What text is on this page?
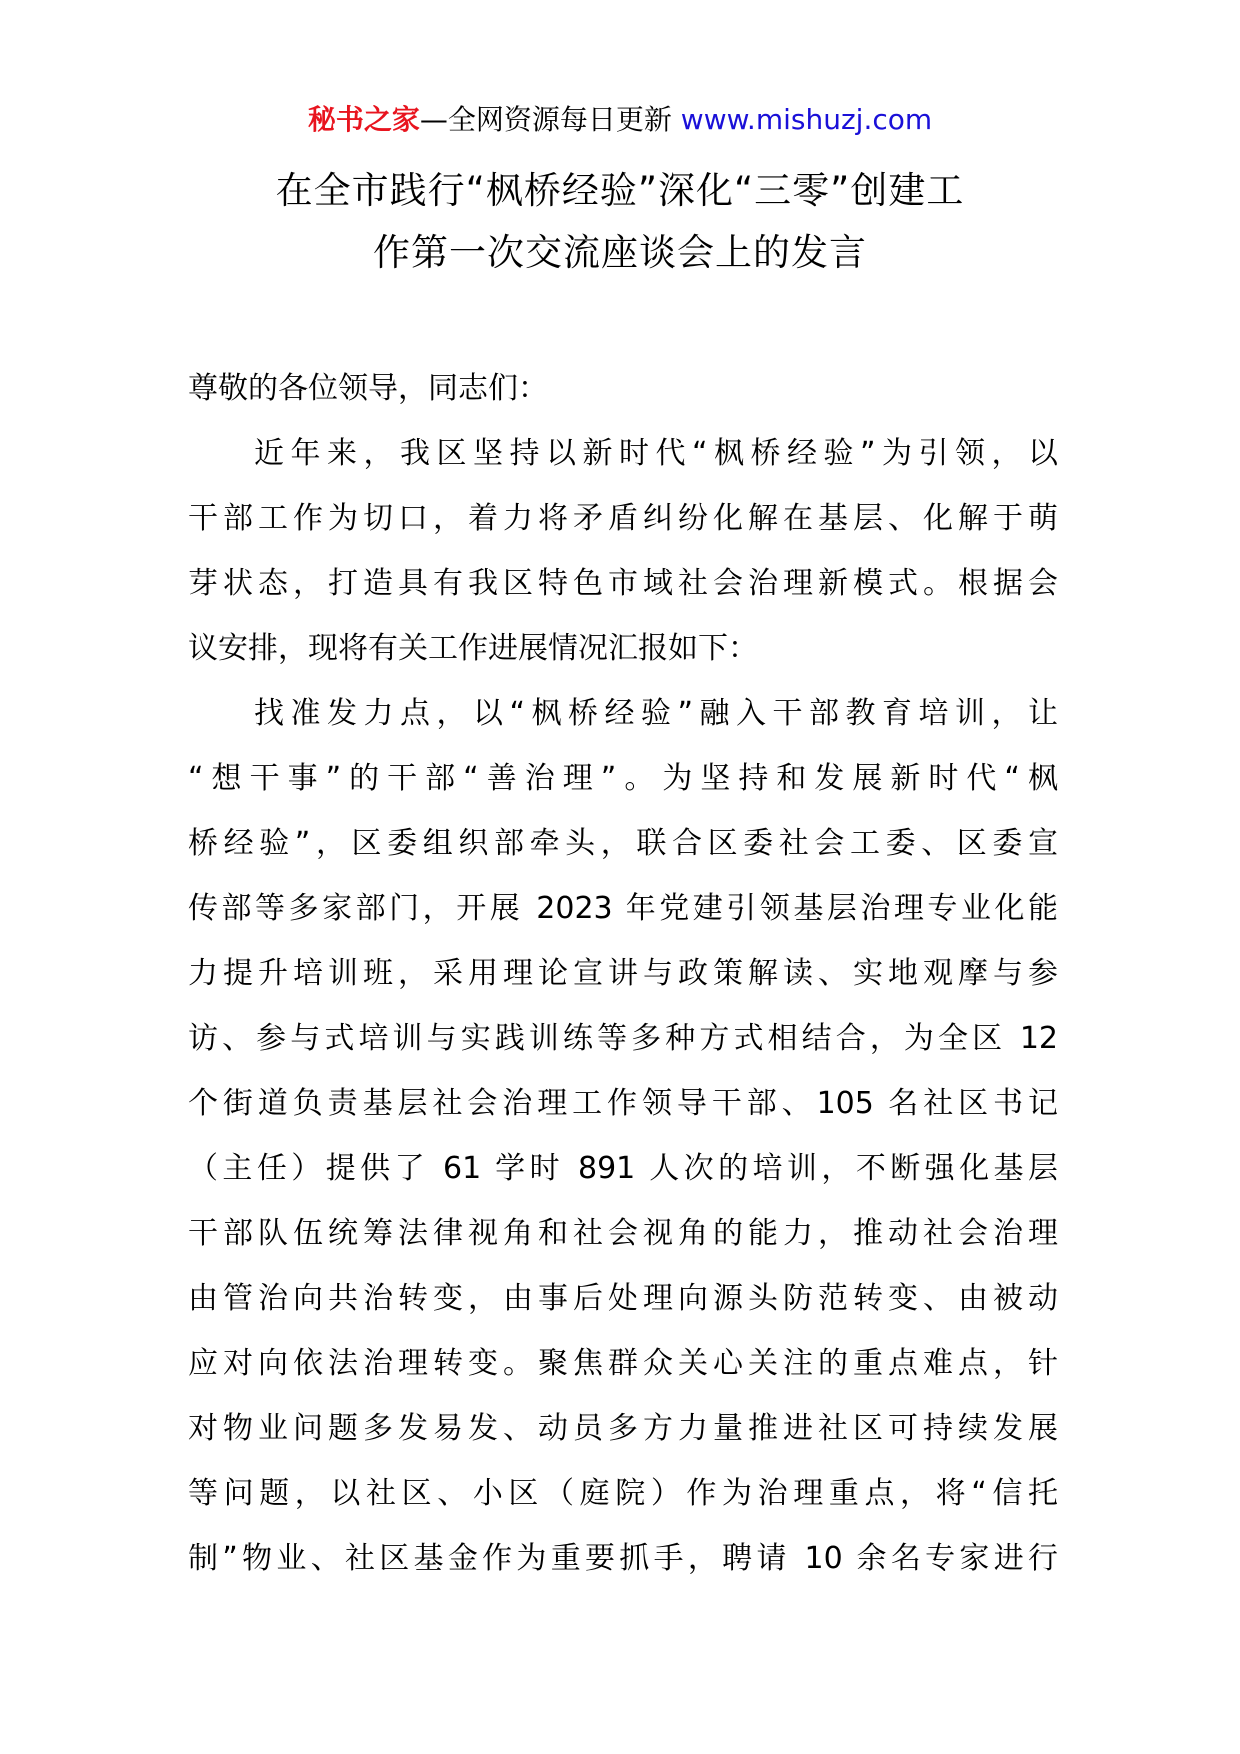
秘书之家—全网资源每日更新 www.mishuzj.com
在全市践行“枫桥经验”深化“三零”创建工
作第一次交流座谈会上的发言
尊敬的各位领导，同志们：
近年来，我区坚持以新时代“枫桥经验”为引领，以
干部工作为切口，着力将矛盾纠纷化解在基层、化解于萌
芽状态，打造具有我区特色市域社会治理新模式。根据会
议安排，现将有关工作进展情况汇报如下：
找准发力点，以“枫桥经验”融入干部教育培训，让
“想干事”的干部“善治理”。为坚持和发展新时代“枫
桥经验”，区委组织部牵头，联合区委社会工委、区委宣
传部等多家部门，开展 2023 年党建引领基层治理专业化能
力提升培训班，采用理论宣讲与政策解读、实地观摩与参
访、参与式培训与实践训练等多种方式相结合，为全区 12
个街道负责基层社会治理工作领导干部、105 名社区书记
（主任）提供了 61 学时 891 人次的培训，不断强化基层
干部队伍统筹法律视角和社会视角的能力，推动社会治理
由管治向共治转变，由事后处理向源头防范转变、由被动
应对向依法治理转变。聚焦群众关心关注的重点难点，针
对物业问题多发易发、动员多方力量推进社区可持续发展
等问题，以社区、小区（庭院）作为治理重点，将“信托
制”物业、社区基金作为重要抓手，聘请 10 余名专家进行
